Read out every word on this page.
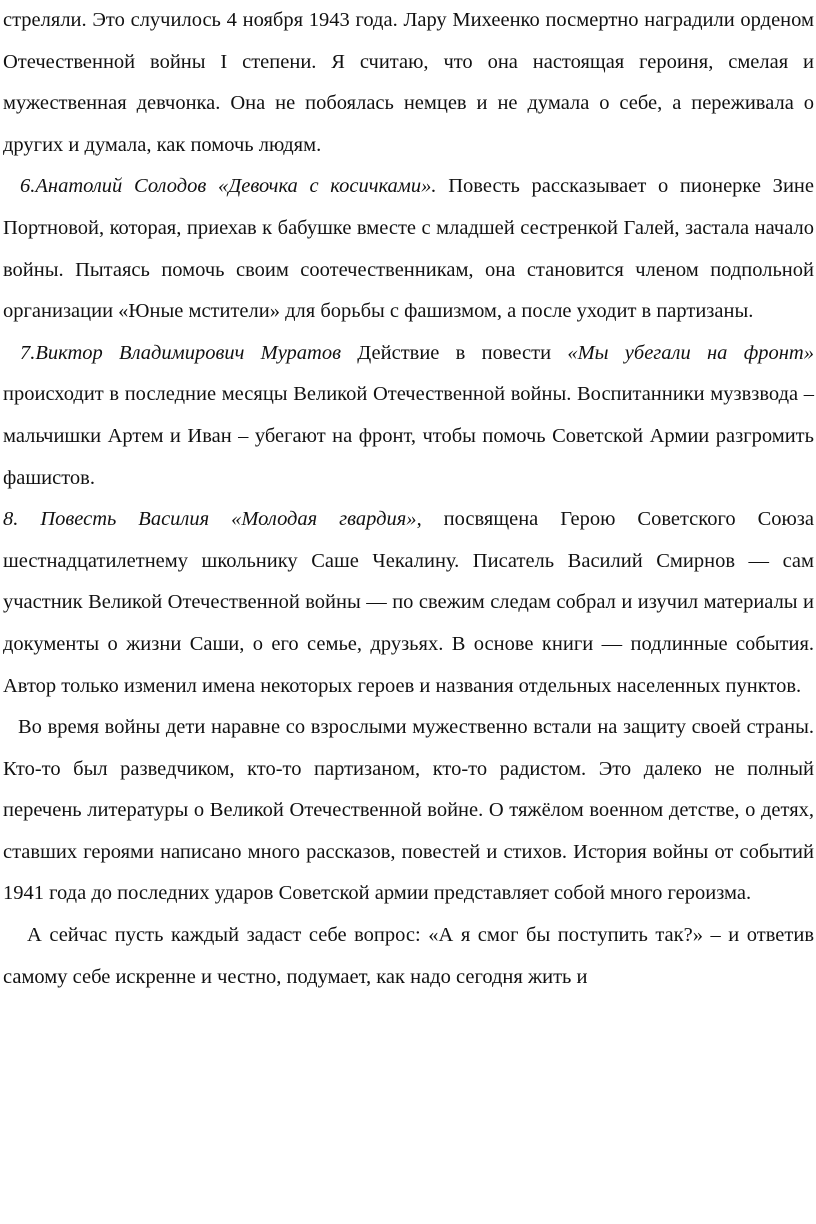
стреляли. Это случилось 4 ноября 1943 года. Лару Михеенко посмертно наградили орденом Отечественной войны I степени. Я считаю, что она настоящая героиня, смелая и мужественная девчонка. Она не побоялась немцев и не думала о себе, а переживала о других и думала, как помочь людям.

6.Анатолий Солодов «Девочка с косичками». Повесть рассказывает о пионерке Зине Портновой, которая, приехав к бабушке вместе с младшей сестренкой Галей, застала начало войны. Пытаясь помочь своим соотечественникам, она становится членом подпольной организации «Юные мстители» для борьбы с фашизмом, а после уходит в партизаны.

7.Виктор Владимирович Муратов Действие в повести «Мы убегали на фронт» происходит в последние месяцы Великой Отечественной войны. Воспитанники музвзвода – мальчишки Артем и Иван – убегают на фронт, чтобы помочь Советской Армии разгромить фашистов.

8. Повесть Василия «Молодая гвардия», посвящена Герою Советского Союза шестнадцатилетнему школьнику Саше Чекалину. Писатель Василий Смирнов — сам участник Великой Отечественной войны — по свежим следам собрал и изучил материалы и документы о жизни Саши, о его семье, друзьях. В основе книги — подлинные события. Автор только изменил имена некоторых героев и названия отдельных населенных пунктов.

Во время войны дети наравне со взрослыми мужественно встали на защиту своей страны. Кто-то был разведчиком, кто-то партизаном, кто-то радистом. Это далеко не полный перечень литературы о Великой Отечественной войне. О тяжёлом военном детстве, о детях, ставших героями написано много рассказов, повестей и стихов. История войны от событий 1941 года до последних ударов Советской армии представляет собой много героизма.

А сейчас пусть каждый задаст себе вопрос: «А я смог бы поступить так?» – и ответив самому себе искренне и честно, подумает, как надо сегодня жить и
